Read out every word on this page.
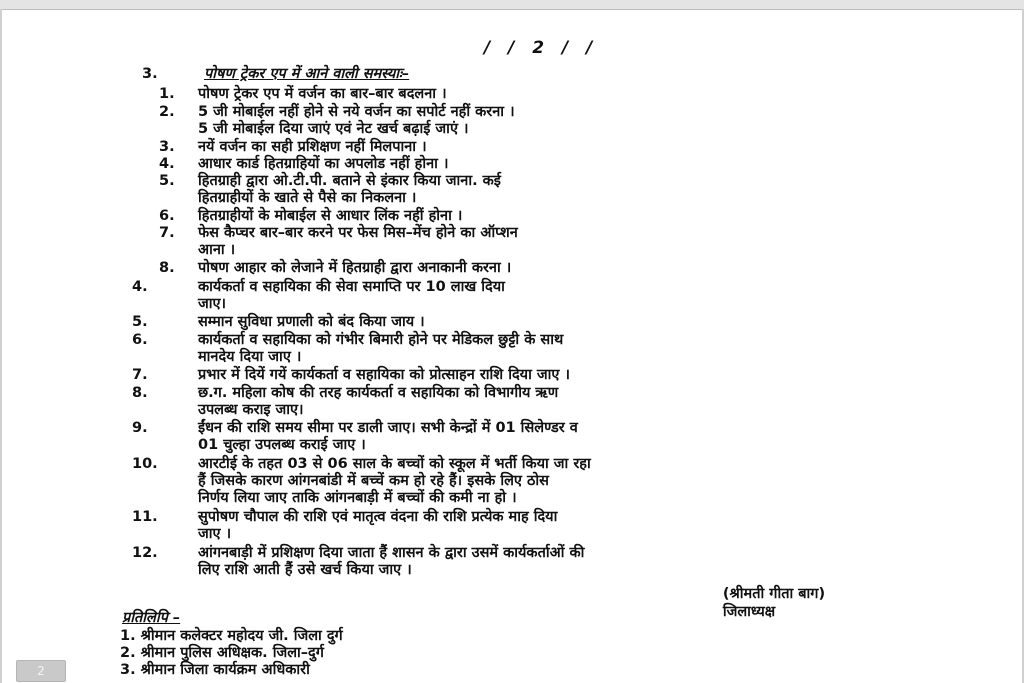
/ / 2 / /
3.	पोषण ट्रेकर एप में आने वाली समस्याः–
1. पोषण ट्रेकर एप में वर्जन का बार–बार बदलना ।
2. 5 जी मोबाईल नहीं होने से नये वर्जन का सपोर्ट नहीं करना ।
5 जी मोबाईल दिया जाएं एवं नेट खर्च बढ़ाई जाएं ।
3. नयें वर्जन का सही प्रशिक्षण नहीं मिलपाना ।
4. आधार कार्ड हितग्राहियों का अपलोड नहीं होना ।
5. हितग्राही द्वारा ओ.टी.पी. बताने से इंकार किया जाना. कई
हितग्राहीयों के खाते से पैसे का निकलना ।
6. हितग्राहीयों के मोबाईल से आधार लिंक नहीं होना ।
7. फेस कैप्चर बार–बार करने पर फेस मिस–मेंच होने का ऑप्शन
आना ।
8. पोषण आहार को लेजाने में हितग्राही द्वारा अनाकानी करना ।
4.	कार्यकर्ता व सहायिका की सेवा समाप्ति पर 10 लाख दिया
जाए।
5.	सम्मान सुविधा प्रणाली को बंद किया जाय ।
6.	कार्यकर्ता व सहायिका को गंभीर बिमारी होने पर मेडिकल छुट्टी के साथ
मानदेय दिया जाए ।
7.	प्रभार में दियें गयें कार्यकर्ता व सहायिका को प्रोत्साहन राशि दिया जाए ।
8.	छ.ग. महिला कोष की तरह कार्यकर्ता व सहायिका को विभागीय ऋण
उपलब्ध कराइ जाए।
9.	ईंधन की राशि समय सीमा पर डाली जाए। सभी केन्द्रों में 01 सिलेण्डर व
01 चुल्हा उपलब्ध कराई जाए ।
10.	आरटीई के तहत 03 से 06 साल के बच्चों को स्कूल में भर्ती किया जा रहा
हैं जिसके कारण आंगनबांडी में बच्चें कम हो रहे हैं। इसके लिए ठोस
निर्णय लिया जाए ताकि आंगनबाड़ी में बच्चों की कमी ना हो ।
11.	सुपोषण चौपाल की राशि एवं मातृत्व वंदना की राशि प्रत्येक माह दिया
जाए ।
12.	आंगनबाड़ी में प्रशिक्षण दिया जाता हैं शासन के द्वारा उसमें कार्यकर्ताओं की
लिए राशि आती हैं उसे खर्च किया जाए ।
(श्रीमती गीता बाग)
जिलाध्यक्ष
प्रतिलिपि –
1. श्रीमान कलेक्टर महोदय जी. जिला दुर्ग
2. श्रीमान पुलिस अधिक्षक. जिला–दुर्ग
3. श्रीमान जिला कार्यक्रम अधिकारी
2
